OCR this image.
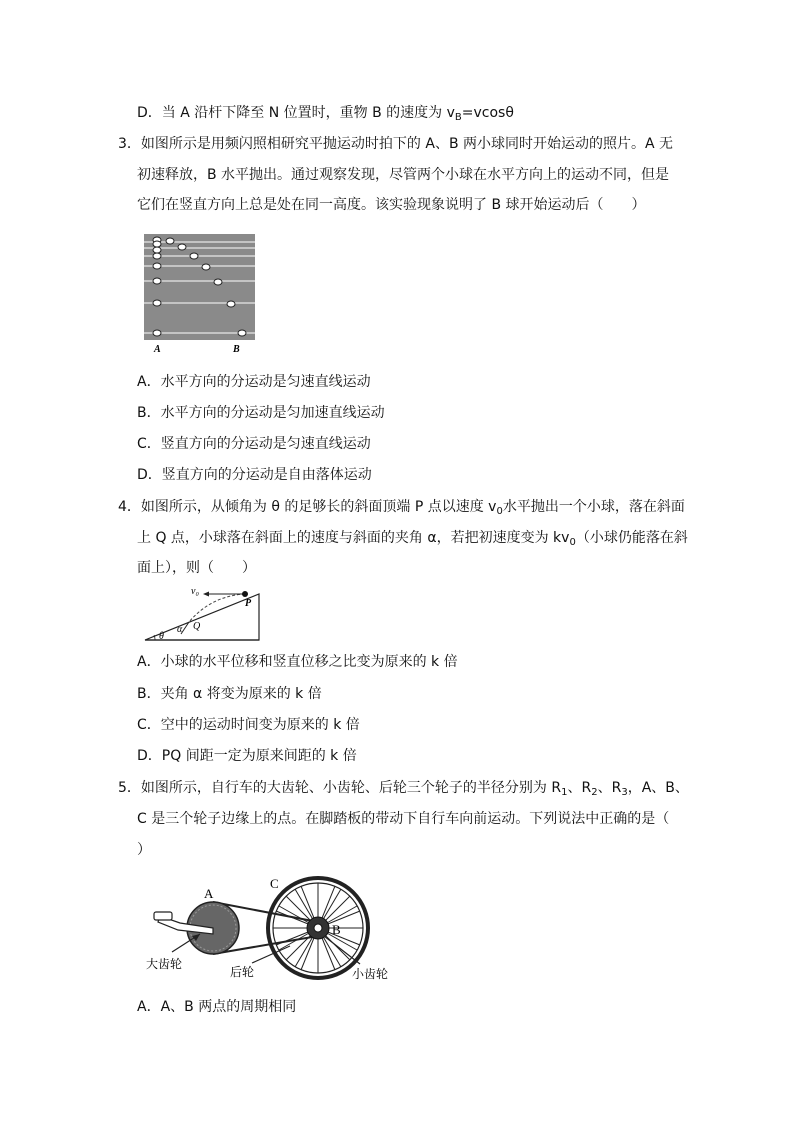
D．当 A 沿杆下降至 N 位置时，重物 B 的速度为 $v_B=vcos\theta$
3．如图所示是用频闪照相研究平抛运动时拍下的 A、B 两小球同时开始运动的照片。A 无
初速释放，B 水平抛出。通过观察发现，尽管两个小球在水平方向上的运动不同，但是
它们在竖直方向上总是处在同一高度。该实验现象说明了 B 球开始运动后（　　）
A	B
A．水平方向的分运动是匀速直线运动
B．水平方向的分运动是匀加速直线运动
C．竖直方向的分运动是匀速直线运动
D．竖直方向的分运动是自由落体运动
4．如图所示，从倾角为 θ 的足够长的斜面顶端 P 点以速度 $v_0$水平抛出一个小球，落在斜面
上 Q 点，小球落在斜面上的速度与斜面的夹角 α，若把初速度变为 $kv_0$（小球仍能落在斜
面上），则（　　）
v₀
P
Q
α
θ
A．小球的水平位移和竖直位移之比变为原来的 k 倍
B．夹角 α 将变为原来的 k 倍
C．空中的运动时间变为原来的 k 倍
D．PQ 间距一定为原来间距的 k 倍
5．如图所示，自行车的大齿轮、小齿轮、后轮三个轮子的半径分别为 $R_1$、$R_2$、$R_3$，A、B、
C 是三个轮子边缘上的点。在脚踏板的带动下自行车向前运动。下列说法中正确的是（
）
A
C
B
大齿轮
后轮	小齿轮
A．A、B 两点的周期相同
